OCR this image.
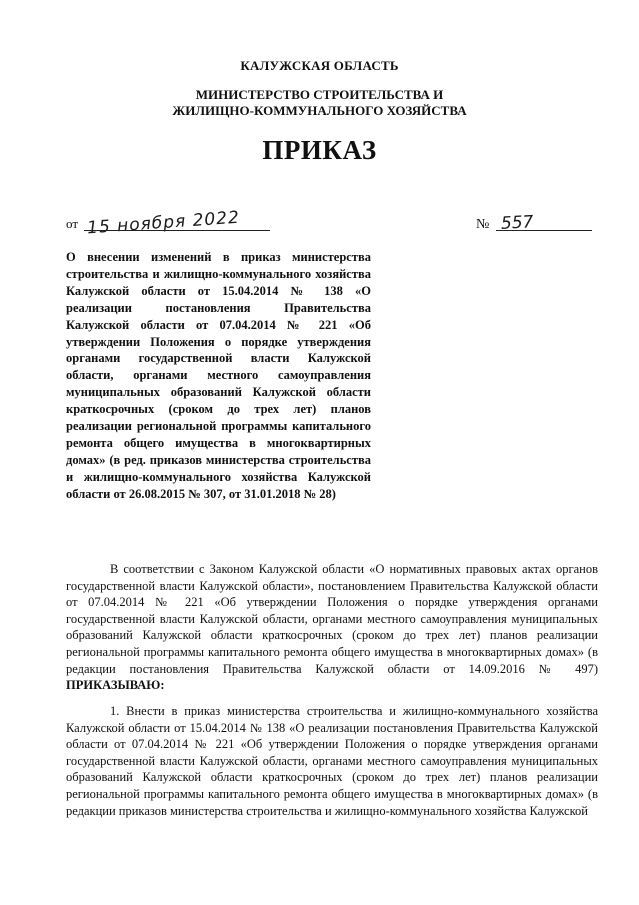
КАЛУЖСКАЯ ОБЛАСТЬ
МИНИСТЕРСТВО СТРОИТЕЛЬСТВА И
ЖИЛИЩНО-КОММУНАЛЬНОГО ХОЗЯЙСТВА
ПРИКАЗ
от 15 ноября 2022	№ 557
О внесении изменений в приказ министерства строительства и жилищно-коммунального хозяйства Калужской области от 15.04.2014 № 138 «О реализации постановления Правительства Калужской области от 07.04.2014 № 221 «Об утверждении Положения о порядке утверждения органами государственной власти Калужской области, органами местного самоуправления муниципальных образований Калужской области краткосрочных (сроком до трех лет) планов реализации региональной программы капитального ремонта общего имущества в многоквартирных домах» (в ред. приказов министерства строительства и жилищно-коммунального хозяйства Калужской области от 26.08.2015 № 307, от 31.01.2018 № 28)
В соответствии с Законом Калужской области «О нормативных правовых актах органов государственной власти Калужской области», постановлением Правительства Калужской области от 07.04.2014 № 221 «Об утверждении Положения о порядке утверждения органами государственной власти Калужской области, органами местного самоуправления муниципальных образований Калужской области краткосрочных (сроком до трех лет) планов реализации региональной программы капитального ремонта общего имущества в многоквартирных домах» (в редакции постановления Правительства Калужской области от 14.09.2016 № 497) ПРИКАЗЫВАЮ:
1. Внести в приказ министерства строительства и жилищно-коммунального хозяйства Калужской области от 15.04.2014 № 138 «О реализации постановления Правительства Калужской области от 07.04.2014 № 221 «Об утверждении Положения о порядке утверждения органами государственной власти Калужской области, органами местного самоуправления муниципальных образований Калужской области краткосрочных (сроком до трех лет) планов реализации региональной программы капитального ремонта общего имущества в многоквартирных домах» (в редакции приказов министерства строительства и жилищно-коммунального хозяйства Калужской
